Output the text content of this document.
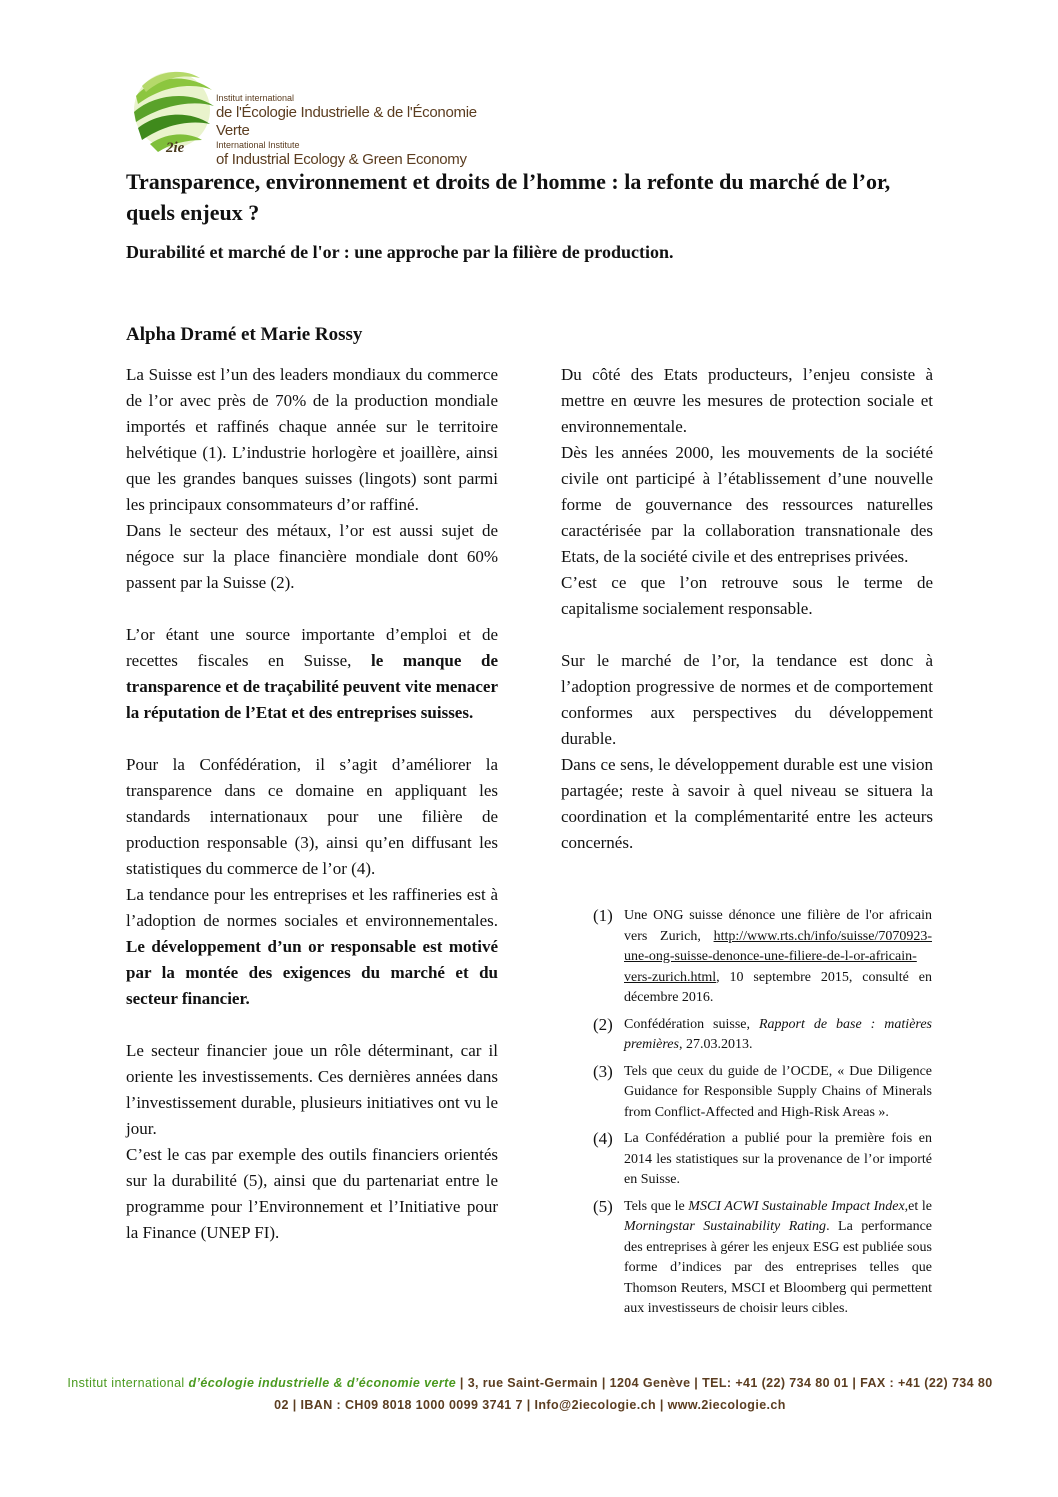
2ie
Institut international
de l'Écologie Industrielle & de l'Économie Verte
International Institute
of Industrial Ecology & Green Economy
Transparence, environnement et droits de l’homme : la refonte du marché de l’or, quels enjeux ?
Durabilité et marché de l'or : une approche par la filière de production.
Alpha Dramé et Marie Rossy

La Suisse est l’un des leaders mondiaux du commerce de l’or avec près de 70% de la production mondiale importés et raffinés chaque année sur le territoire helvétique (1). L’industrie horlogère et joaillère, ainsi que les grandes banques suisses (lingots) sont parmi les principaux consommateurs d’or raffiné.

Dans le secteur des métaux, l’or est aussi sujet de négoce sur la place financière mondiale dont 60% passent par la Suisse (2).

L’or étant une source importante d’emploi et de recettes fiscales en Suisse, le manque de transparence et de traçabilité peuvent vite menacer la réputation de l’Etat et des entreprises suisses.

Pour la Confédération, il s’agit d’améliorer la transparence dans ce domaine en appliquant les standards internationaux pour une filière de production responsable (3), ainsi qu’en diffusant les statistiques du commerce de l’or (4).

La tendance pour les entreprises et les raffineries est à l’adoption de normes sociales et environnementales. Le développement d’un or responsable est motivé par la montée des exigences du marché et du secteur financier.

Le secteur financier joue un rôle déterminant, car il oriente les investissements. Ces dernières années dans l’investissement durable, plusieurs initiatives ont vu le jour.

C’est le cas par exemple des outils financiers orientés sur la durabilité (5), ainsi que du partenariat entre le programme pour l’Environnement et l’Initiative pour la Finance (UNEP FI).

Du côté des Etats producteurs, l’enjeu consiste à mettre en œuvre les mesures de protection sociale et environnementale.

Dès les années 2000, les mouvements de la société civile ont participé à l’établissement d’une nouvelle forme de gouvernance des ressources naturelles caractérisée par la collaboration transnationale des Etats, de la société civile et des entreprises privées.

C’est ce que l’on retrouve sous le terme de capitalisme socialement responsable.

Sur le marché de l’or, la tendance est donc à l’adoption progressive de normes et de comportement conformes aux perspectives du développement durable.

Dans ce sens, le développement durable est une vision partagée; reste à savoir à quel niveau se situera la coordination et la complémentarité entre les acteurs concernés.

(1) Une ONG suisse dénonce une filière de l'or africain vers Zurich, http://www.rts.ch/info/suisse/7070923-une-ong-suisse-denonce-une-filiere-de-l-or-africain-vers-zurich.html, 10 septembre 2015, consulté en décembre 2016.
(2) Confédération suisse, Rapport de base : matières premières, 27.03.2013.
(3) Tels que ceux du guide de l’OCDE, « Due Diligence Guidance for Responsible Supply Chains of Minerals from Conflict-Affected and High-Risk Areas ».
(4) La Confédération a publié pour la première fois en 2014 les statistiques sur la provenance de l’or importé en Suisse.
(5) Tels que le MSCI ACWI Sustainable Impact Index,et le Morningstar Sustainability Rating. La performance des entreprises à gérer les enjeux ESG est publiée sous forme d’indices par des entreprises telles que Thomson Reuters, MSCI et Bloomberg qui permettent aux investisseurs de choisir leurs cibles.
Institut international d’écologie industrielle & d’économie verte | 3, rue Saint-Germain | 1204 Genève | TEL: +41 (22) 734 80 01 | FAX : +41 (22) 734 80 02 | IBAN : CH09 8018 1000 0099 3741 7 | Info@2iecologie.ch | www.2iecologie.ch
